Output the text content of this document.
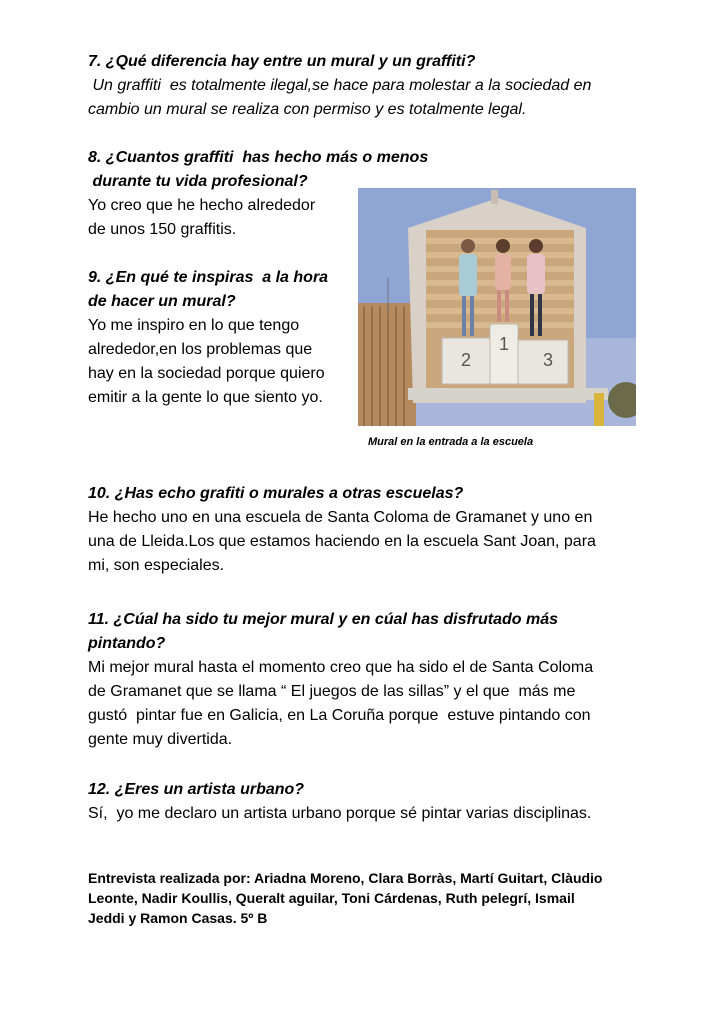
7. ¿Qué diferencia hay entre un mural y un graffiti?

Un graffiti  es totalmente ilegal,se hace para molestar a la sociedad en

cambio un mural se realiza con permiso y es totalmente legal.

8. ¿Cuantos graffiti  has hecho más o menos

durante tu vida profesional?

Yo creo que he hecho alrededor

de unos 150 graffitis.

9. ¿En qué te inspiras  a la hora

de hacer un mural?

Yo me inspiro en lo que tengo

alrededor,en los problemas que

hay en la sociedad porque quiero

emitir a la gente lo que siento yo.

10. ¿Has echo grafiti o murales a otras escuelas?

He hecho uno en una escuela de Santa Coloma de Gramanet y uno en

una de Lleida.Los que estamos haciendo en la escuela Sant Joan, para

mi, son especiales.

11. ¿Cúal ha sido tu mejor mural y en cúal has disfrutado más

pintando?

Mi mejor mural hasta el momento creo que ha sido el de Santa Coloma

de Gramanet que se llama “ El juegos de las sillas” y el que  más me

gustó  pintar fue en Galicia, en La Coruña porque  estuve pintando con

gente muy divertida.

12. ¿Eres un artista urbano?

Sí,  yo me declaro un artista urbano porque sé pintar varias disciplinas.

Entrevista realizada por: Ariadna Moreno, Clara Borràs, Martí Guitart, Clàudio

Leonte, Nadir Koullis, Queralt aguilar, Toni Cárdenas, Ruth pelegrí, Ismail

Jeddi y Ramon Casas. 5º B

2
1
3
Mural en la entrada a la escuela
